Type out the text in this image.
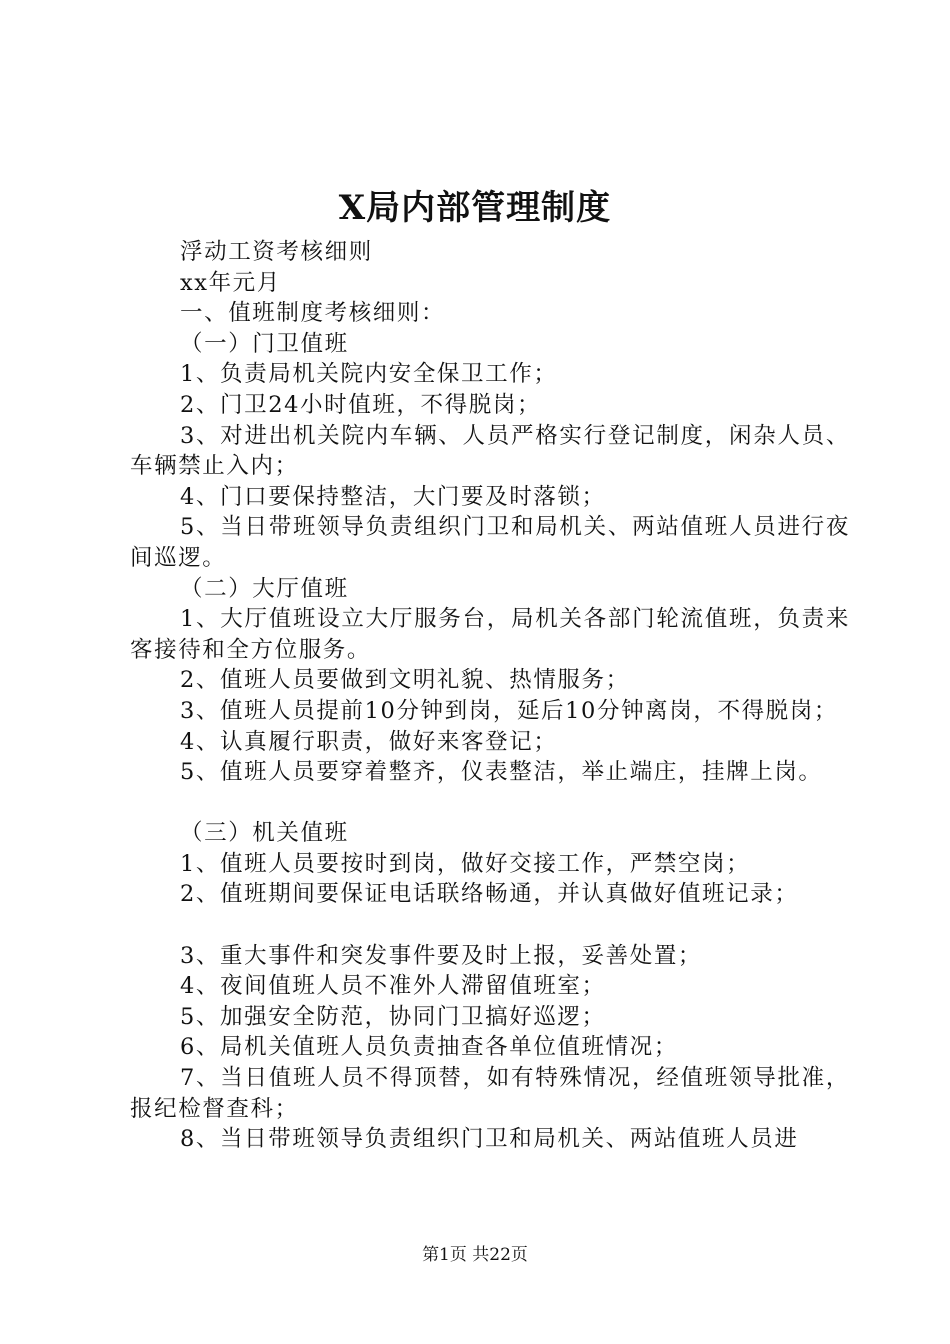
X局内部管理制度

浮动工资考核细则

xx年元月

一、值班制度考核细则：

（一）门卫值班

1、负责局机关院内安全保卫工作；

2、门卫24小时值班，不得脱岗；

3、对进出机关院内车辆、人员严格实行登记制度，闲杂人员、车辆禁止入内；

4、门口要保持整洁，大门要及时落锁；

5、当日带班领导负责组织门卫和局机关、两站值班人员进行夜间巡逻。

（二）大厅值班

1、大厅值班设立大厅服务台，局机关各部门轮流值班，负责来客接待和全方位服务。

2、值班人员要做到文明礼貌、热情服务；

3、值班人员提前10分钟到岗，延后10分钟离岗，不得脱岗；

4、认真履行职责，做好来客登记；

5、值班人员要穿着整齐，仪表整洁，举止端庄，挂牌上岗。

（三）机关值班

1、值班人员要按时到岗，做好交接工作，严禁空岗；

2、值班期间要保证电话联络畅通，并认真做好值班记录；

3、重大事件和突发事件要及时上报，妥善处置；

4、夜间值班人员不准外人滞留值班室；

5、加强安全防范，协同门卫搞好巡逻；

6、局机关值班人员负责抽查各单位值班情况；

7、当日值班人员不得顶替，如有特殊情况，经值班领导批准，报纪检督查科；

8、当日带班领导负责组织门卫和局机关、两站值班人员进

第1页 共22页
